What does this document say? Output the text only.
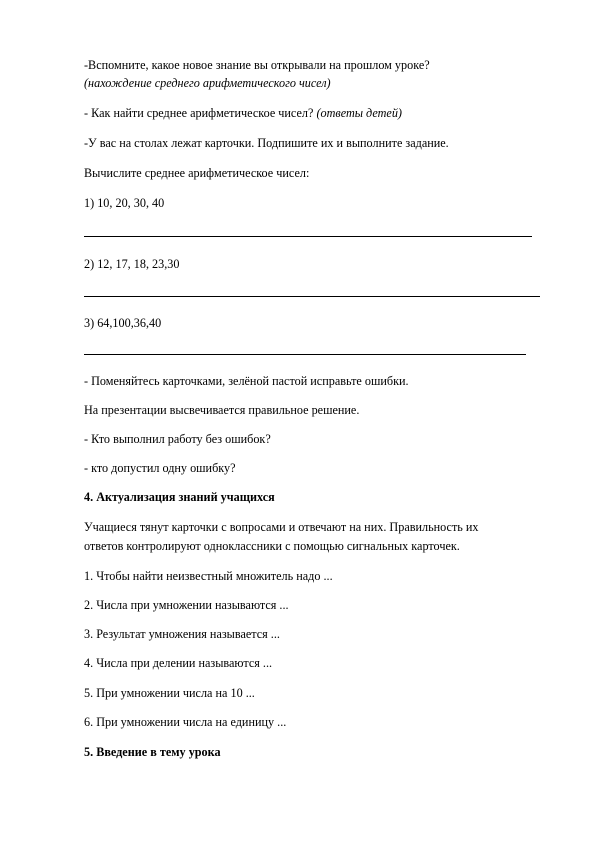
-Вспомните, какое новое знание вы открывали на прошлом уроке?
(нахождение среднего арифметического чисел)
- Как найти среднее арифметическое чисел? (ответы детей)
-У вас на столах лежат карточки. Подпишите их и выполните задание.
Вычислите среднее арифметическое чисел:
1) 10, 20, 30, 40
2) 12, 17, 18, 23,30
3) 64,100,36,40
- Поменяйтесь карточками, зелёной пастой исправьте ошибки.
На презентации высвечивается правильное решение.
- Кто выполнил работу без ошибок?
- кто допустил одну ошибку?
4. Актуализация знаний учащихся
Учащиеся тянут карточки с вопросами и отвечают на них. Правильность их
ответов контролируют одноклассники с помощью сигнальных карточек.
1. Чтобы найти неизвестный множитель надо ...
2. Числа при умножении называются ...
3. Результат умножения называется ...
4. Числа при делении называются ...
5. При умножении числа на 10 ...
6. При умножении числа на единицу ...
5. Введение в тему урока
